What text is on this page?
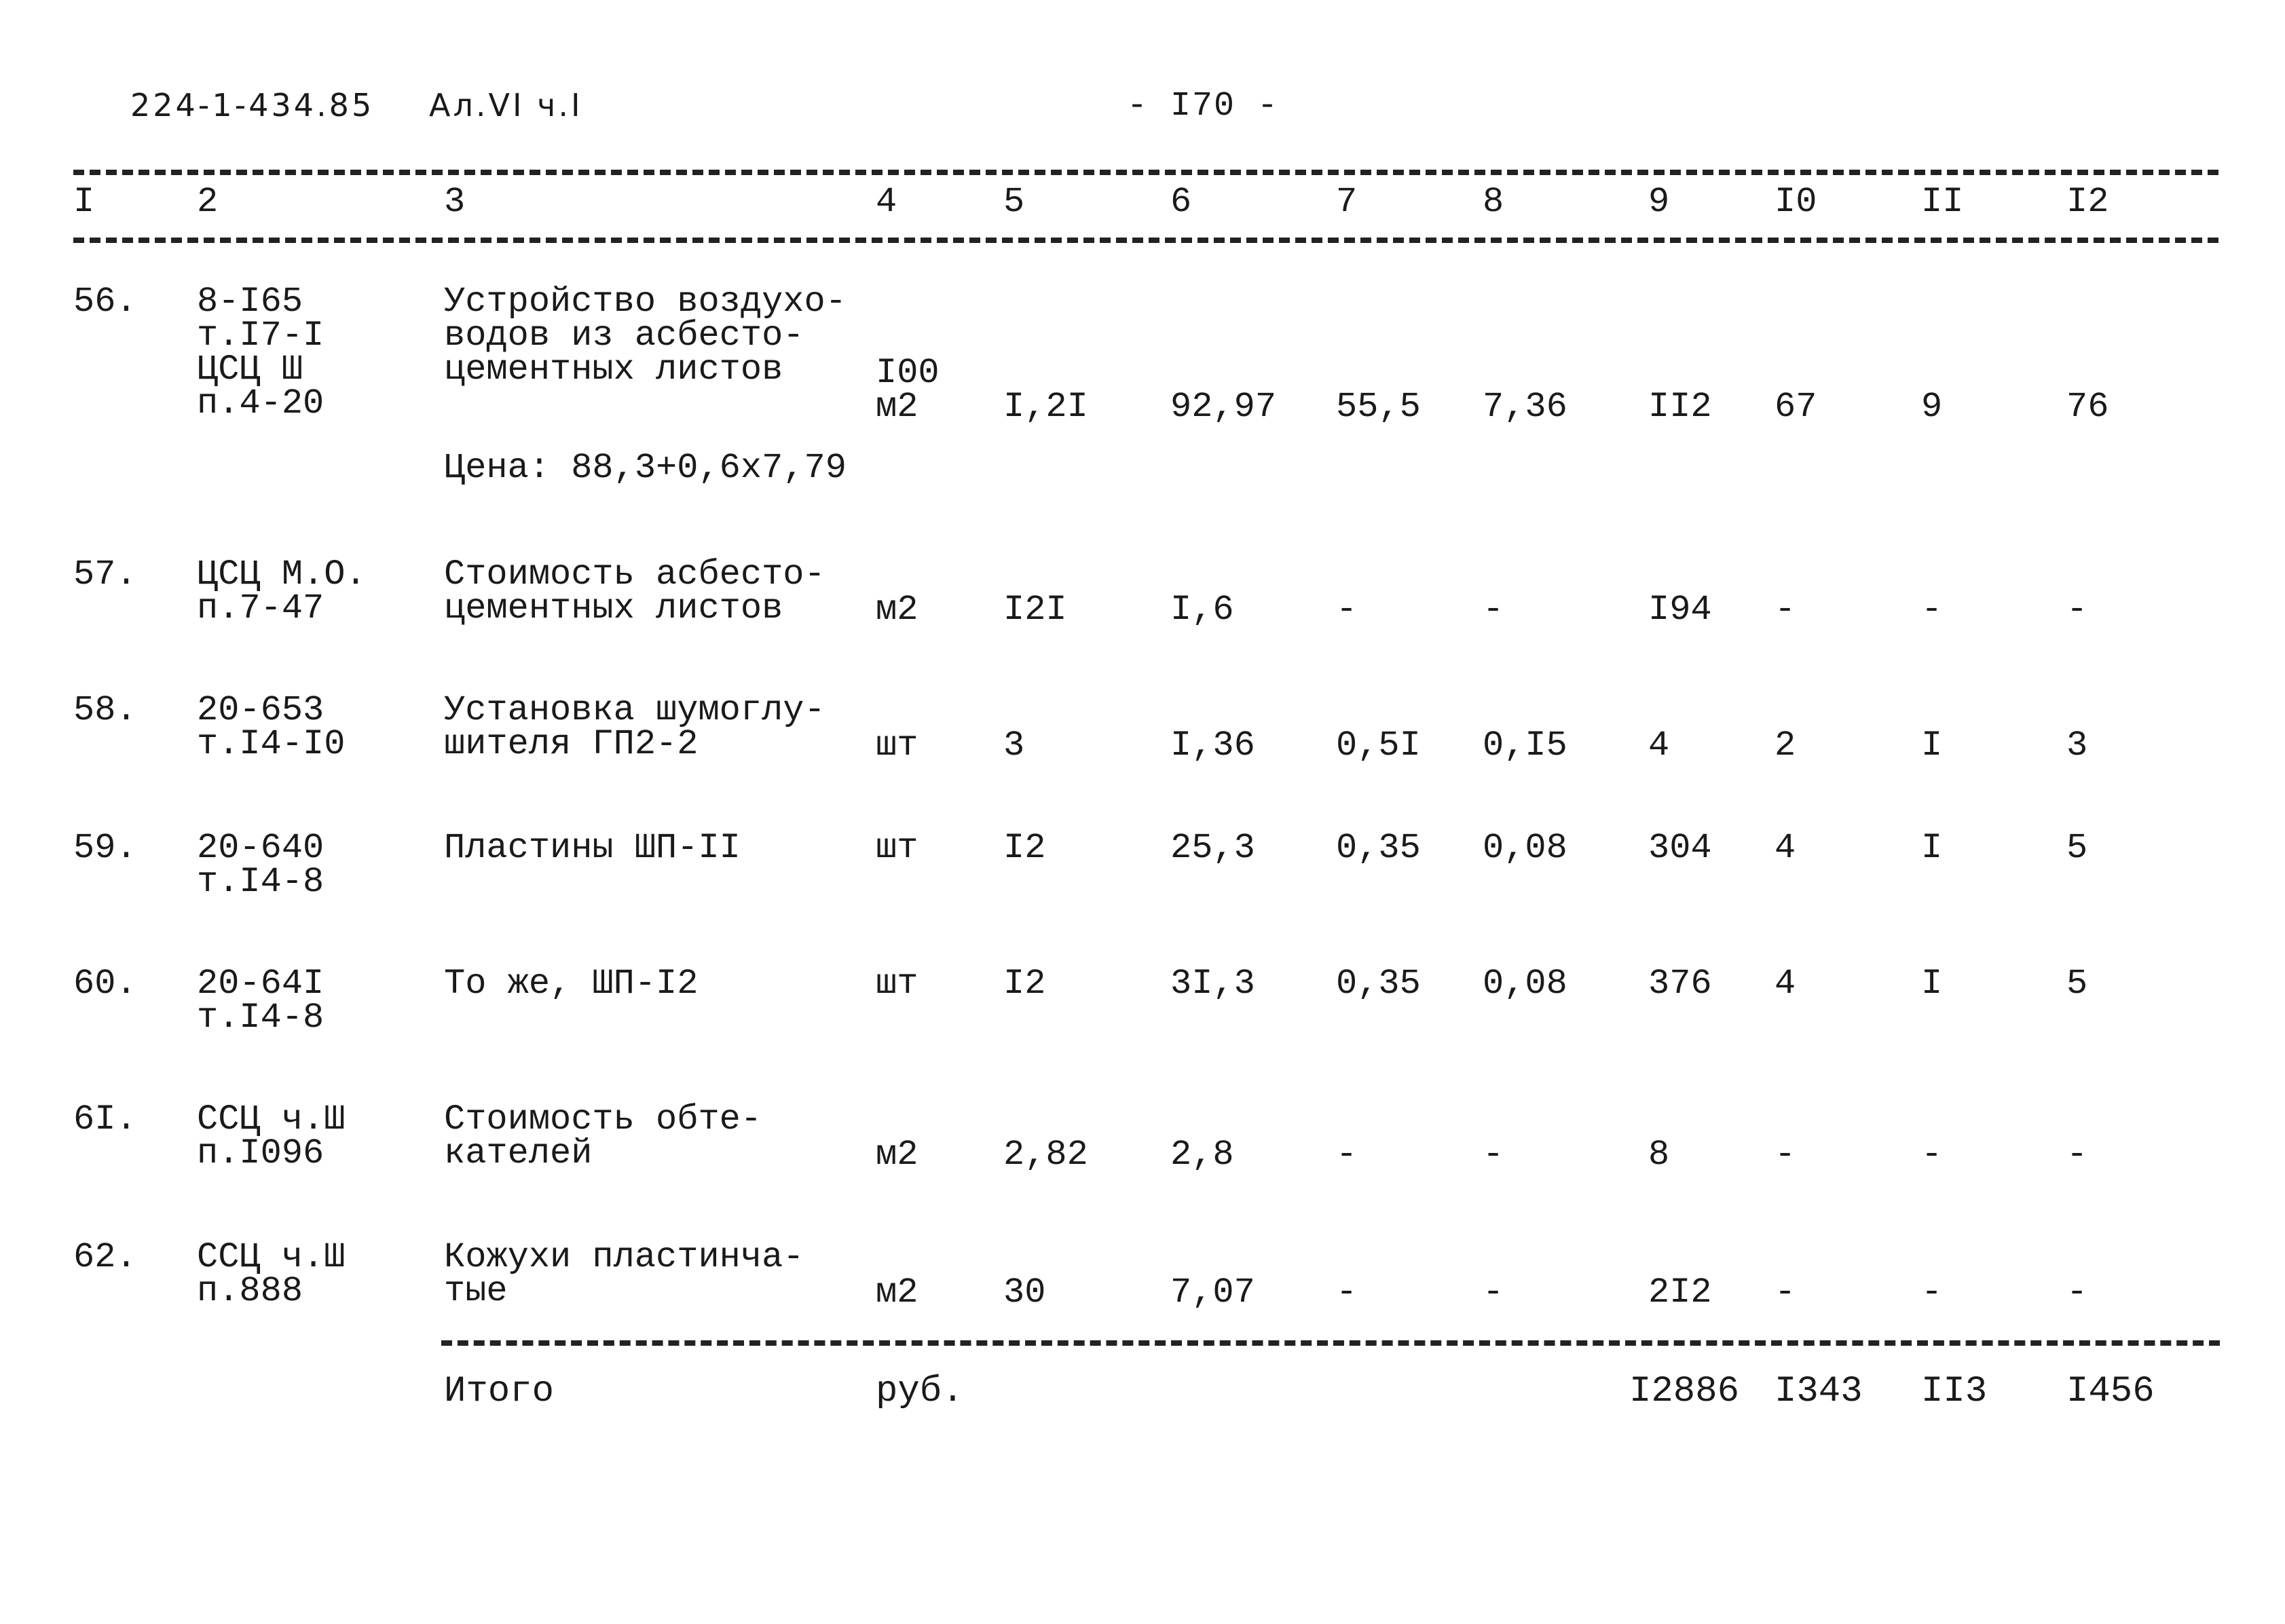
224-1-434.85 Ал.VI ч.I	- I70 -
I	2	3	4	5	6	7	8	9	I0	II	I2
56. 8-I65
т.I7-I
ЦСЦ Ш
п.4-20
Устройство воздухо-
водов из асбесто-
цементных листов
Цена: 88,3+0,6х7,79
I00
м2	I,2I 92,97 55,5 7,36 II2 67	9	76
57. ЦСЦ М.О.
п.7-47
Стоимость асбесто-
цементных листов	м2 I2I	I,6	-	-	I94 -	-	-
58. 20-653
т.I4-I0
Установка шумоглу-
шителя ГП2-2	шт 3	I,36 0,5I 0,I5 4	2	I	3
59. 20-640
т.I4-8
Пластины ШП-II	шт I2	25,3 0,35 0,08 304 4	I	5
60. 20-64I
т.I4-8
То же, ШП-I2	шт I2	3I,3 0,35 0,08 376 4	I	5
6I. ССЦ ч.Ш
п.I096
Стоимость обте-
кателей	м2 2,82 2,8	-	-	8	-	-	-
62. ССЦ ч.Ш
п.888
Кожухи пластинча-
тые	м2 30	7,07 -	-	2I2 -	-	-
Итого	руб.	I2886 I343 II3 I456
